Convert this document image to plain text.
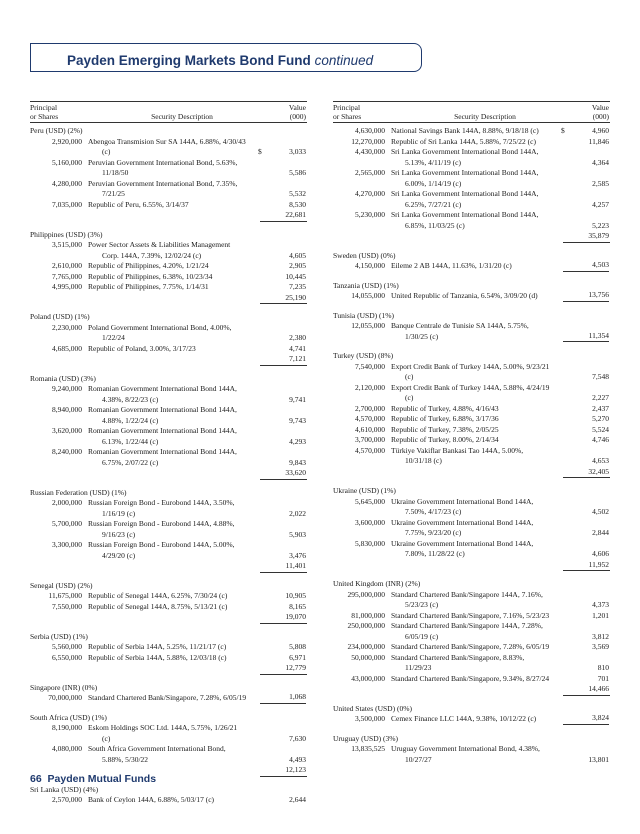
Payden Emerging Markets Bond Fund continued
Principal
or Shares	Security Description
Value
(000)
Peru (USD) (2%)
2,920,000 Abengoa Transmision Sur SA 144A, 6.88%, 4/30/43 (c)	$	3,033
5,160,000 Peruvian Government International Bond, 5.63%, 11/18/50	5,586
4,280,000 Peruvian Government International Bond, 7.35%, 7/21/25	5,532
7,035,000 Republic of Peru, 6.55%, 3/14/37	8,530
22,681
Philippines (USD) (3%)
3,515,000 Power Sector Assets & Liabilities Management Corp. 144A, 7.39%, 12/02/24 (c)	4,605
2,610,000 Republic of Philippines, 4.20%, 1/21/24	2,905
7,765,000 Republic of Philippines, 6.38%, 10/23/34	10,445
4,995,000 Republic of Philippines, 7.75%, 1/14/31	7,235
25,190
Poland (USD) (1%)
2,230,000 Poland Government International Bond, 4.00%, 1/22/24	2,380
4,685,000 Republic of Poland, 3.00%, 3/17/23	4,741
7,121
Romania (USD) (3%)
9,240,000 Romanian Government International Bond 144A, 4.38%, 8/22/23 (c)	9,741
8,940,000 Romanian Government International Bond 144A, 4.88%, 1/22/24 (c)	9,743
3,620,000 Romanian Government International Bond 144A, 6.13%, 1/22/44 (c)	4,293
8,240,000 Romanian Government International Bond 144A, 6.75%, 2/07/22 (c)	9,843
33,620
Russian Federation (USD) (1%)
2,000,000 Russian Foreign Bond - Eurobond 144A, 3.50%, 1/16/19 (c)	2,022
5,700,000 Russian Foreign Bond - Eurobond 144A, 4.88%, 9/16/23 (c)	5,903
3,300,000 Russian Foreign Bond - Eurobond 144A, 5.00%, 4/29/20 (c)	3,476
11,401
Senegal (USD) (2%)
11,675,000 Republic of Senegal 144A, 6.25%, 7/30/24 (c)	10,905
7,550,000 Republic of Senegal 144A, 8.75%, 5/13/21 (c)	8,165
19,070
Serbia (USD) (1%)
5,560,000 Republic of Serbia 144A, 5.25%, 11/21/17 (c)	5,808
6,550,000 Republic of Serbia 144A, 5.88%, 12/03/18 (c)	6,971
12,779
Singapore (INR) (0%)
70,000,000 Standard Chartered Bank/Singapore, 7.28%, 6/05/19	1,068
South Africa (USD) (1%)
8,190,000 Eskom Holdings SOC Ltd. 144A, 5.75%, 1/26/21 (c)	7,630
4,080,000 South Africa Government International Bond, 5.88%, 5/30/22	4,493
12,123
Sri Lanka (USD) (4%)
2,570,000 Bank of Ceylon 144A, 6.88%, 5/03/17 (c)	2,644
Principal
or Shares	Security Description
Value
(000)
4,630,000 National Savings Bank 144A, 8.88%, 9/18/18 (c)	$	4,960
12,270,000 Republic of Sri Lanka 144A, 5.88%, 7/25/22 (c)	11,846
4,430,000 Sri Lanka Government International Bond 144A, 5.13%, 4/11/19 (c)	4,364
2,565,000 Sri Lanka Government International Bond 144A, 6.00%, 1/14/19 (c)	2,585
4,270,000 Sri Lanka Government International Bond 144A, 6.25%, 7/27/21 (c)	4,257
5,230,000 Sri Lanka Government International Bond 144A, 6.85%, 11/03/25 (c)	5,223
35,879
Sweden (USD) (0%)
4,150,000 Eileme 2 AB 144A, 11.63%, 1/31/20 (c)	4,503
Tanzania (USD) (1%)
14,055,000 United Republic of Tanzania, 6.54%, 3/09/20 (d)	13,756
Tunisia (USD) (1%)
12,055,000 Banque Centrale de Tunisie SA 144A, 5.75%, 1/30/25 (c)	11,354
Turkey (USD) (8%)
7,540,000 Export Credit Bank of Turkey 144A, 5.00%, 9/23/21 (c)	7,548
2,120,000 Export Credit Bank of Turkey 144A, 5.88%, 4/24/19 (c)	2,227
2,700,000 Republic of Turkey, 4.88%, 4/16/43	2,437
4,570,000 Republic of Turkey, 6.88%, 3/17/36	5,270
4,610,000 Republic of Turkey, 7.38%, 2/05/25	5,524
3,700,000 Republic of Turkey, 8.00%, 2/14/34	4,746
4,570,000 Türkiye Vakiflar Bankasi Tao 144A, 5.00%, 10/31/18 (c)	4,653
32,405
Ukraine (USD) (1%)
5,645,000 Ukraine Government International Bond 144A, 7.50%, 4/17/23 (c)	4,502
3,600,000 Ukraine Government International Bond 144A, 7.75%, 9/23/20 (c)	2,844
5,830,000 Ukraine Government International Bond 144A, 7.80%, 11/28/22 (c)	4,606
11,952
United Kingdom (INR) (2%)
295,000,000 Standard Chartered Bank/Singapore 144A, 7.16%, 5/23/23 (c)	4,373
81,000,000 Standard Chartered Bank/Singapore, 7.16%, 5/23/23	1,201
250,000,000 Standard Chartered Bank/Singapore 144A, 7.28%, 6/05/19 (c)	3,812
234,000,000 Standard Chartered Bank/Singapore, 7.28%, 6/05/19	3,569
50,000,000 Standard Chartered Bank/Singapore, 8.83%, 11/29/23	810
43,000,000 Standard Chartered Bank/Singapore, 9.34%, 8/27/24	701
14,466
United States (USD) (0%)
3,500,000 Cemex Finance LLC 144A, 9.38%, 10/12/22 (c)	3,824
Uruguay (USD) (3%)
13,835,525 Uruguay Government International Bond, 4.38%, 10/27/27	13,801
66 Payden Mutual Funds
